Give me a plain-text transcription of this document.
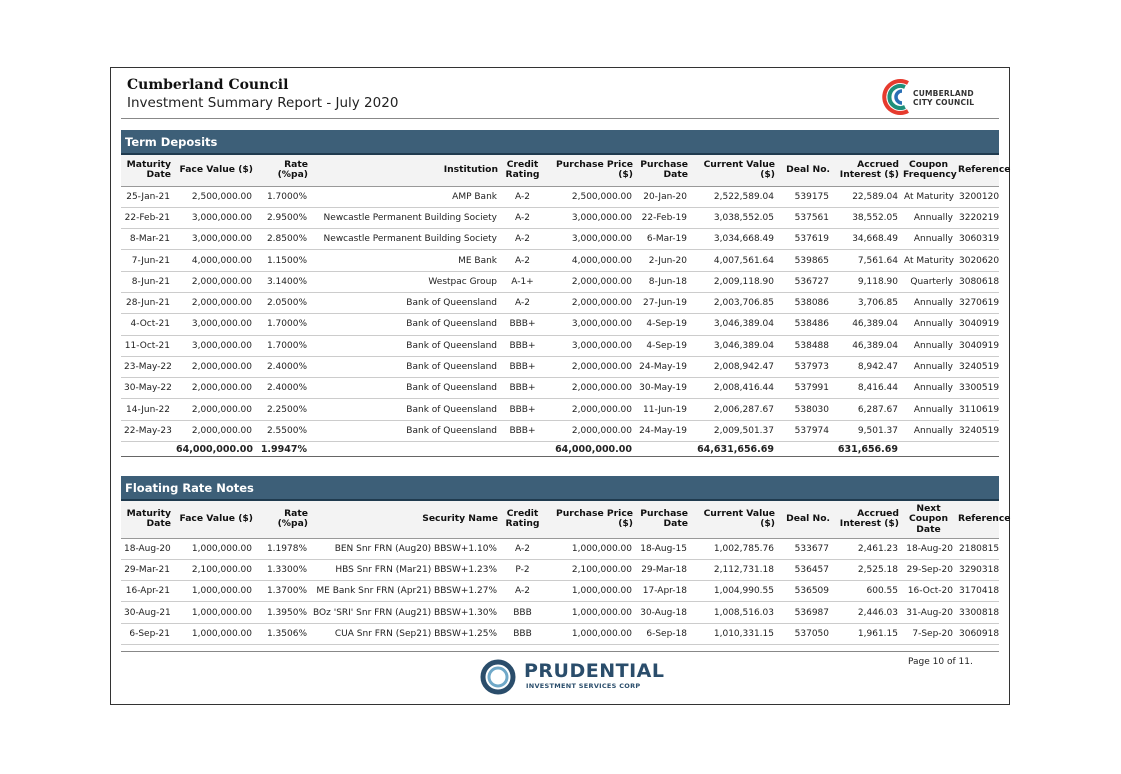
Cumberland Council
Investment Summary Report - July 2020
CUMBERLAND
CITY COUNCIL
Term Deposits
Maturity Date	Face Value ($)	Rate (%pa)	Institution	Credit Rating	Purchase Price ($)	Purchase Date	Current Value ($)	Deal No.	Accrued Interest ($)	Coupon Frequency	Reference
25-Jan-21	2,500,000.00	1.7000%	AMP Bank	A-2	2,500,000.00	20-Jan-20	2,522,589.04	539175	22,589.04	At Maturity	3200120
22-Feb-21	3,000,000.00	2.9500%	Newcastle Permanent Building Society	A-2	3,000,000.00	22-Feb-19	3,038,552.05	537561	38,552.05	Annually	3220219
8-Mar-21	3,000,000.00	2.8500%	Newcastle Permanent Building Society	A-2	3,000,000.00	6-Mar-19	3,034,668.49	537619	34,668.49	Annually	3060319
7-Jun-21	4,000,000.00	1.1500%	ME Bank	A-2	4,000,000.00	2-Jun-20	4,007,561.64	539865	7,561.64	At Maturity	3020620
8-Jun-21	2,000,000.00	3.1400%	Westpac Group	A-1+	2,000,000.00	8-Jun-18	2,009,118.90	536727	9,118.90	Quarterly	3080618
28-Jun-21	2,000,000.00	2.0500%	Bank of Queensland	A-2	2,000,000.00	27-Jun-19	2,003,706.85	538086	3,706.85	Annually	3270619
4-Oct-21	3,000,000.00	1.7000%	Bank of Queensland	BBB+	3,000,000.00	4-Sep-19	3,046,389.04	538486	46,389.04	Annually	3040919
11-Oct-21	3,000,000.00	1.7000%	Bank of Queensland	BBB+	3,000,000.00	4-Sep-19	3,046,389.04	538488	46,389.04	Annually	3040919
23-May-22	2,000,000.00	2.4000%	Bank of Queensland	BBB+	2,000,000.00	24-May-19	2,008,942.47	537973	8,942.47	Annually	3240519
30-May-22	2,000,000.00	2.4000%	Bank of Queensland	BBB+	2,000,000.00	30-May-19	2,008,416.44	537991	8,416.44	Annually	3300519
14-Jun-22	2,000,000.00	2.2500%	Bank of Queensland	BBB+	2,000,000.00	11-Jun-19	2,006,287.67	538030	6,287.67	Annually	3110619
22-May-23	2,000,000.00	2.5500%	Bank of Queensland	BBB+	2,000,000.00	24-May-19	2,009,501.37	537974	9,501.37	Annually	3240519
	64,000,000.00	1.9947%			64,000,000.00		64,631,656.69		631,656.69		
Floating Rate Notes
Maturity Date	Face Value ($)	Rate (%pa)	Security Name	Credit Rating	Purchase Price ($)	Purchase Date	Current Value ($)	Deal No.	Accrued Interest ($)	Next Coupon Date	Reference
18-Aug-20	1,000,000.00	1.1978%	BEN Snr FRN (Aug20) BBSW+1.10%	A-2	1,000,000.00	18-Aug-15	1,002,785.76	533677	2,461.23	18-Aug-20	2180815
29-Mar-21	2,100,000.00	1.3300%	HBS Snr FRN (Mar21) BBSW+1.23%	P-2	2,100,000.00	29-Mar-18	2,112,731.18	536457	2,525.18	29-Sep-20	3290318
16-Apr-21	1,000,000.00	1.3700%	ME Bank Snr FRN (Apr21) BBSW+1.27%	A-2	1,000,000.00	17-Apr-18	1,004,990.55	536509	600.55	16-Oct-20	3170418
30-Aug-21	1,000,000.00	1.3950%	BOz 'SRI' Snr FRN (Aug21) BBSW+1.30%	BBB	1,000,000.00	30-Aug-18	1,008,516.03	536987	2,446.03	31-Aug-20	3300818
6-Sep-21	1,000,000.00	1.3506%	CUA Snr FRN (Sep21) BBSW+1.25%	BBB	1,000,000.00	6-Sep-18	1,010,331.15	537050	1,961.15	7-Sep-20	3060918
Page 10 of 11.
PRUDENTIAL
INVESTMENT SERVICES CORP
